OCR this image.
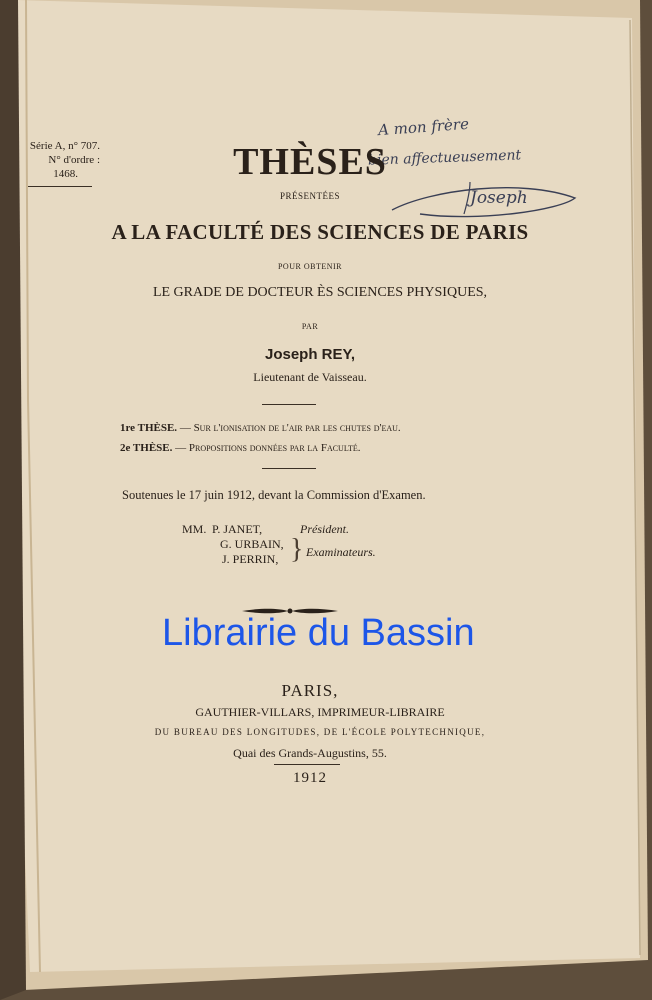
Série A, n° 707.
N° d'ordre :
1468.
A mon frère
bien affectueusement
Joseph
THÈSES
PRÉSENTÉES
A LA FACULTÉ DES SCIENCES DE PARIS
POUR OBTENIR
LE GRADE DE DOCTEUR ÈS SCIENCES PHYSIQUES,
PAR
Joseph REY,
Lieutenant de Vaisseau.
1re THÈSE. — Sur l'ionisation de l'air par les chutes d'eau.
2e THÈSE. — Propositions données par la Faculté.
Soutenues le 17 juin 1912, devant la Commission d'Examen.
MM. P. JANET,	Président.
G. URBAIN,
J. PERRIN, } Examinateurs.
Librairie du Bassin
PARIS,
GAUTHIER-VILLARS, IMPRIMEUR-LIBRAIRE
DU BUREAU DES LONGITUDES, DE L'ÉCOLE POLYTECHNIQUE,
Quai des Grands-Augustins, 55.
1912
